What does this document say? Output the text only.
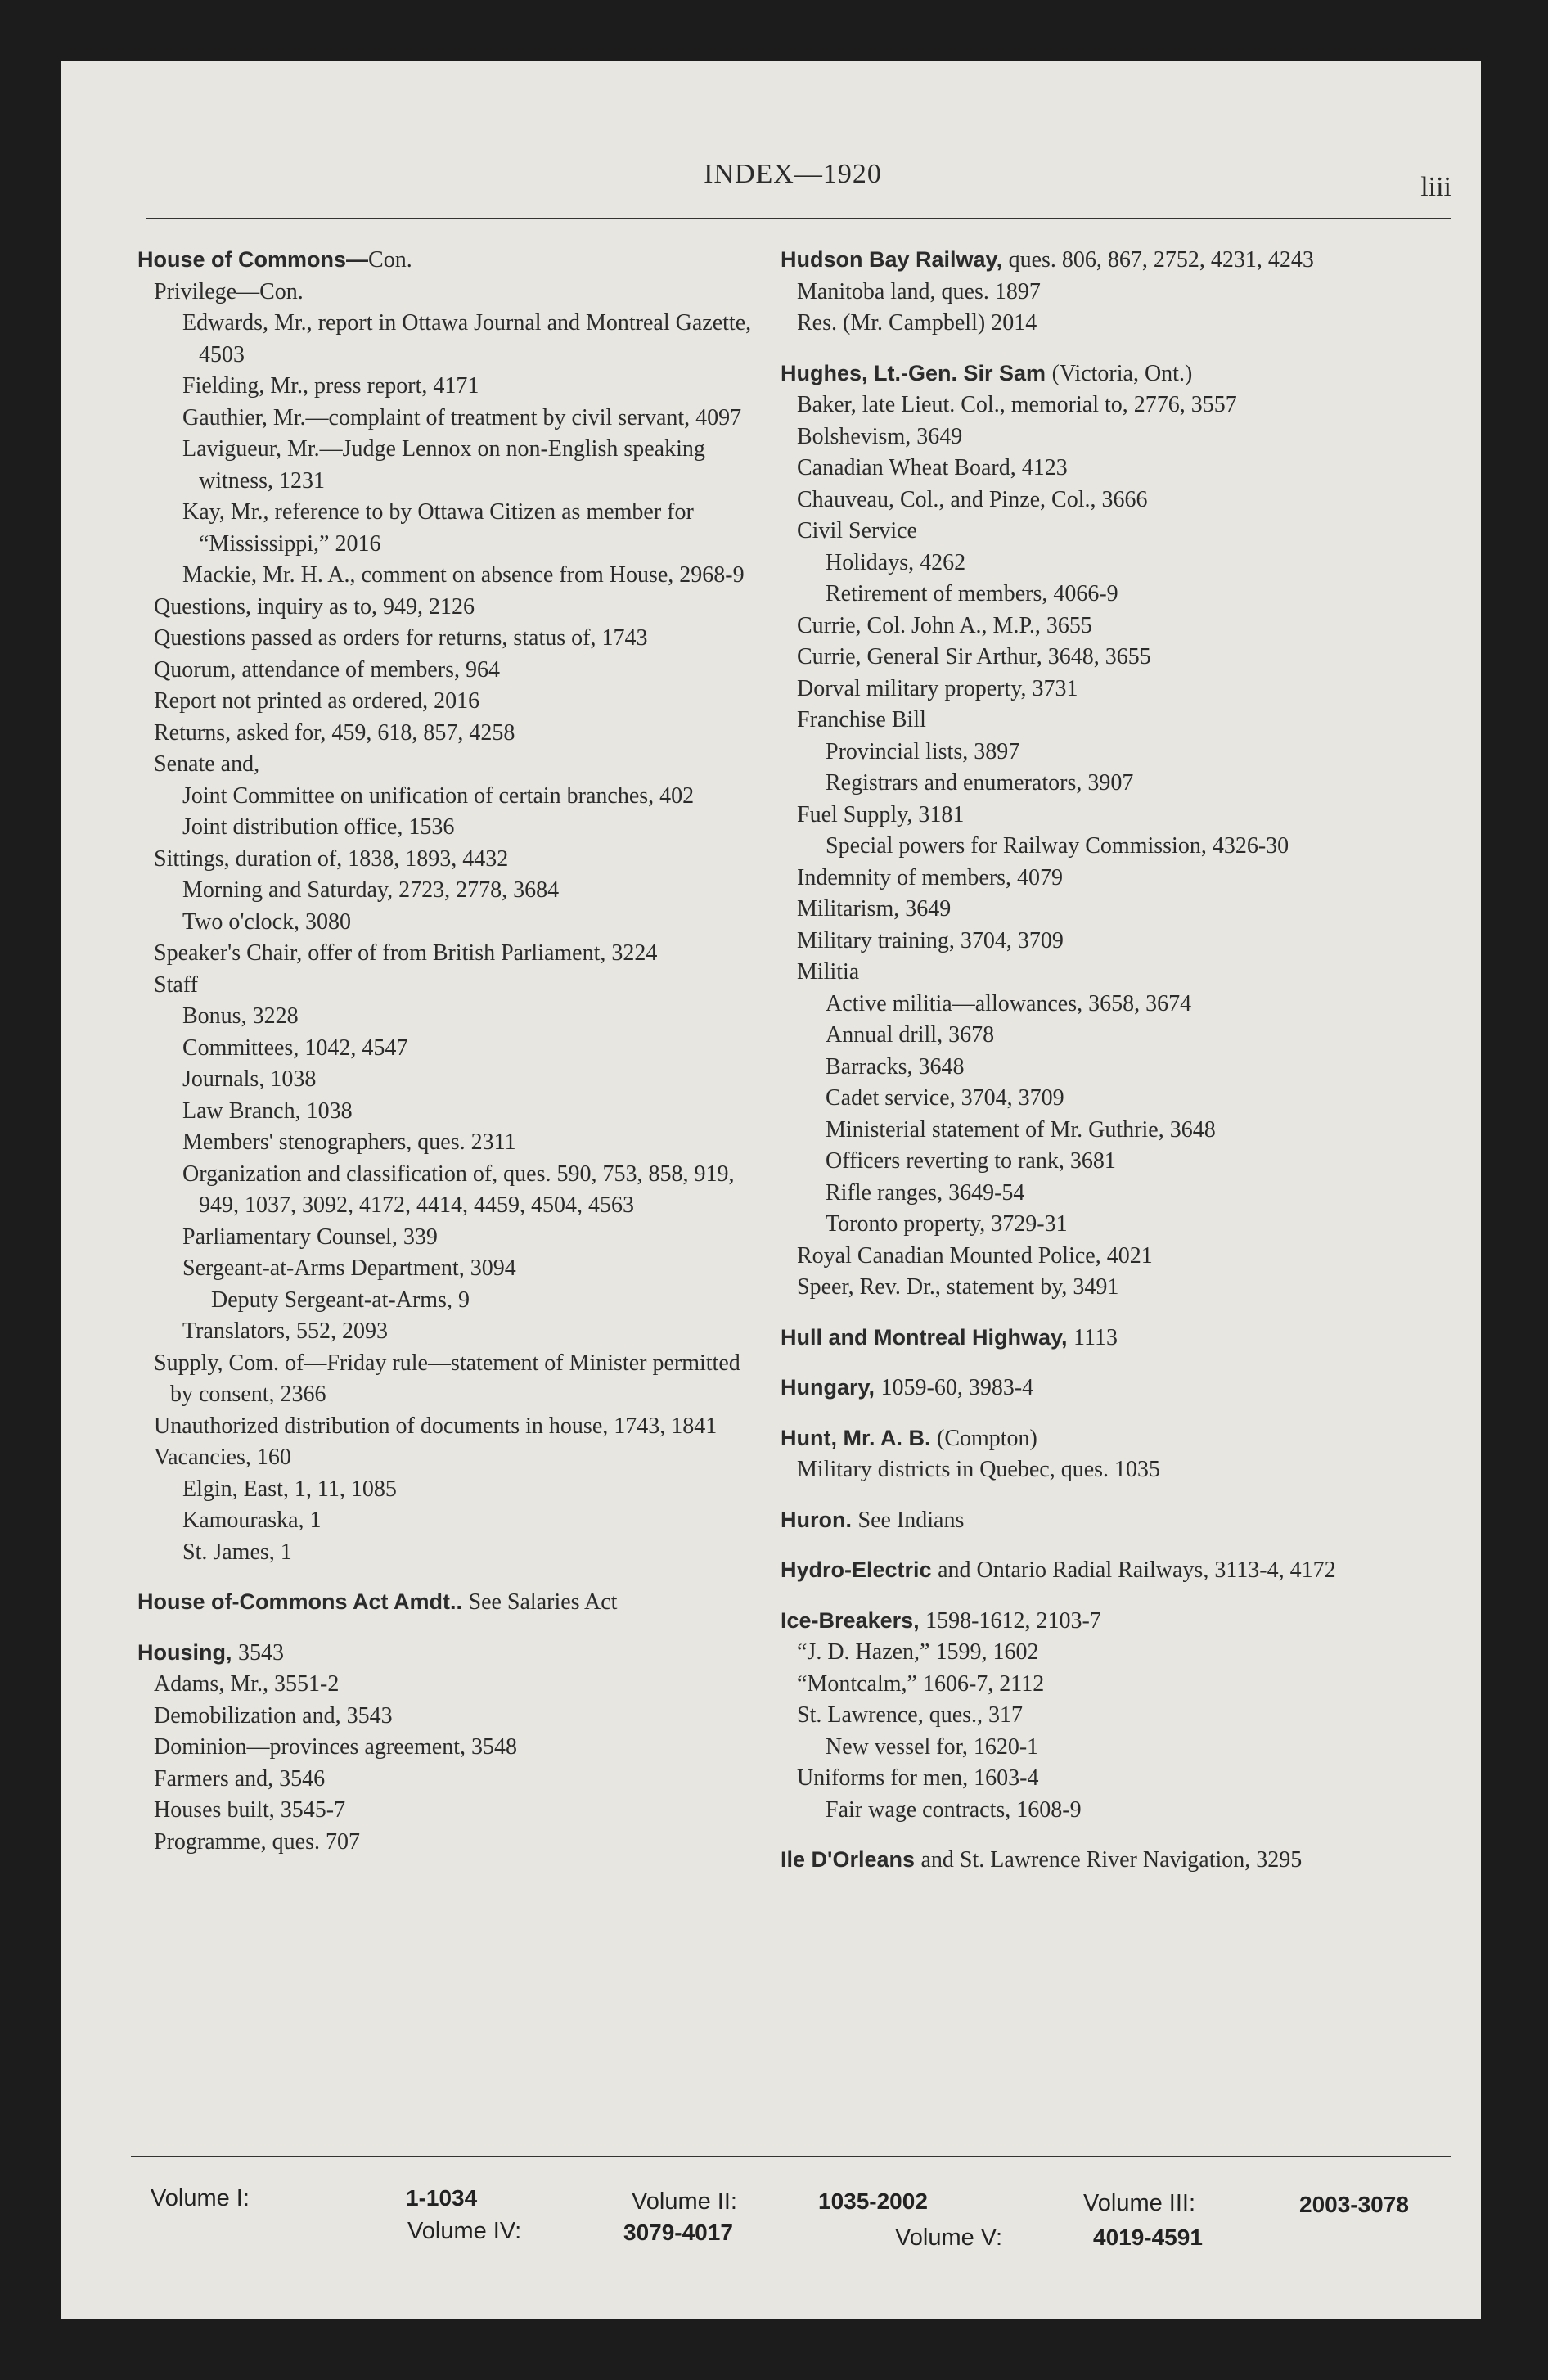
INDEX—1920	liii
House of Commons—Con.
Privilege—Con.
Edwards, Mr., report in Ottawa Journal and Montreal Gazette, 4503
Fielding, Mr., press report, 4171
Gauthier, Mr.—complaint of treatment by civil servant, 4097
Lavigueur, Mr.—Judge Lennox on non-English speaking witness, 1231
Kay, Mr., reference to by Ottawa Citizen as member for “Mississippi,” 2016
Mackie, Mr. H. A., comment on absence from House, 2968-9
Questions, inquiry as to, 949, 2126
Questions passed as orders for returns, status of, 1743
Quorum, attendance of members, 964
Report not printed as ordered, 2016
Returns, asked for, 459, 618, 857, 4258
Senate and,
Joint Committee on unification of certain branches, 402
Joint distribution office, 1536
Sittings, duration of, 1838, 1893, 4432
Morning and Saturday, 2723, 2778, 3684
Two o'clock, 3080
Speaker's Chair, offer of from British Parliament, 3224
Staff
Bonus, 3228
Committees, 1042, 4547
Journals, 1038
Law Branch, 1038
Members' stenographers, ques. 2311
Organization and classification of, ques. 590, 753, 858, 919, 949, 1037, 3092, 4172, 4414, 4459, 4504, 4563
Parliamentary Counsel, 339
Sergeant-at-Arms Department, 3094
Deputy Sergeant-at-Arms, 9
Translators, 552, 2093
Supply, Com. of—Friday rule—statement of Minister permitted by consent, 2366
Unauthorized distribution of documents in house, 1743, 1841
Vacancies, 160
Elgin, East, 1, 11, 1085
Kamouraska, 1
St. James, 1
House of-Commons Act Amdt.. See Salaries Act
Housing, 3543
Adams, Mr., 3551-2
Demobilization and, 3543
Dominion—provinces agreement, 3548
Farmers and, 3546
Houses built, 3545-7
Programme, ques. 707
Hudson Bay Railway, ques. 806, 867, 2752, 4231, 4243
Manitoba land, ques. 1897
Res. (Mr. Campbell) 2014
Hughes, Lt.-Gen. Sir Sam (Victoria, Ont.)
Baker, late Lieut. Col., memorial to, 2776, 3557
Bolshevism, 3649
Canadian Wheat Board, 4123
Chauveau, Col., and Pinze, Col., 3666
Civil Service
Holidays, 4262
Retirement of members, 4066-9
Currie, Col. John A., M.P., 3655
Currie, General Sir Arthur, 3648, 3655
Dorval military property, 3731
Franchise Bill
Provincial lists, 3897
Registrars and enumerators, 3907
Fuel Supply, 3181
Special powers for Railway Commission, 4326-30
Indemnity of members, 4079
Militarism, 3649
Military training, 3704, 3709
Militia
Active militia—allowances, 3658, 3674
Annual drill, 3678
Barracks, 3648
Cadet service, 3704, 3709
Ministerial statement of Mr. Guthrie, 3648
Officers reverting to rank, 3681
Rifle ranges, 3649-54
Toronto property, 3729-31
Royal Canadian Mounted Police, 4021
Speer, Rev. Dr., statement by, 3491
Hull and Montreal Highway, 1113
Hungary, 1059-60, 3983-4
Hunt, Mr. A. B. (Compton)
Military districts in Quebec, ques. 1035
Huron. See Indians
Hydro-Electric and Ontario Radial Railways, 3113-4, 4172
Ice-Breakers, 1598-1612, 2103-7
“J. D. Hazen,” 1599, 1602
“Montcalm,” 1606-7, 2112
St. Lawrence, ques., 317
New vessel for, 1620-1
Uniforms for men, 1603-4
Fair wage contracts, 1608-9
Ile D'Orleans and St. Lawrence River Navigation, 3295
Volume I:	1-1034	Volume II:	1035-2002	Volume III:	2003-3078
Volume IV:	3079-4017	Volume V:	4019-4591
